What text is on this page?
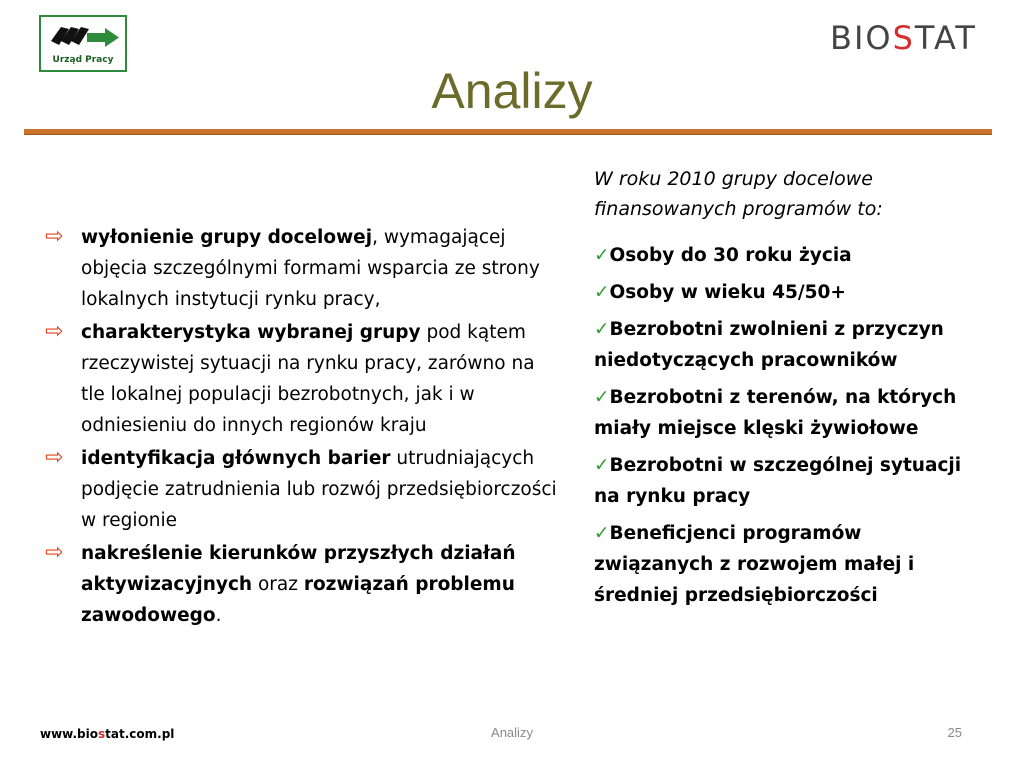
Urząd Pracy
BIOSTAT
Analizy
⇨ wyłonienie grupy docelowej, wymagającej objęcia szczególnymi formami wsparcia ze strony lokalnych instytucji rynku pracy,
⇨ charakterystyka wybranej grupy pod kątem rzeczywistej sytuacji na rynku pracy, zarówno na tle lokalnej populacji bezrobotnych, jak i w odniesieniu do innych regionów kraju
⇨ identyfikacja głównych barier utrudniających podjęcie zatrudnienia lub rozwój przedsiębiorczości w regionie
⇨ nakreślenie kierunków przyszłych działań aktywizacyjnych oraz rozwiązań problemu zawodowego.
W roku 2010 grupy docelowe finansowanych programów to:
✓Osoby do 30 roku życia
✓Osoby w wieku 45/50+
✓Bezrobotni zwolnieni z przyczyn niedotyczących pracowników
✓Bezrobotni z terenów, na których miały miejsce klęski żywiołowe
✓Bezrobotni w szczególnej sytuacji na rynku pracy
✓Beneficjenci programów związanych z rozwojem małej i średniej przedsiębiorczości
www.biostat.com.pl	Analizy	25
